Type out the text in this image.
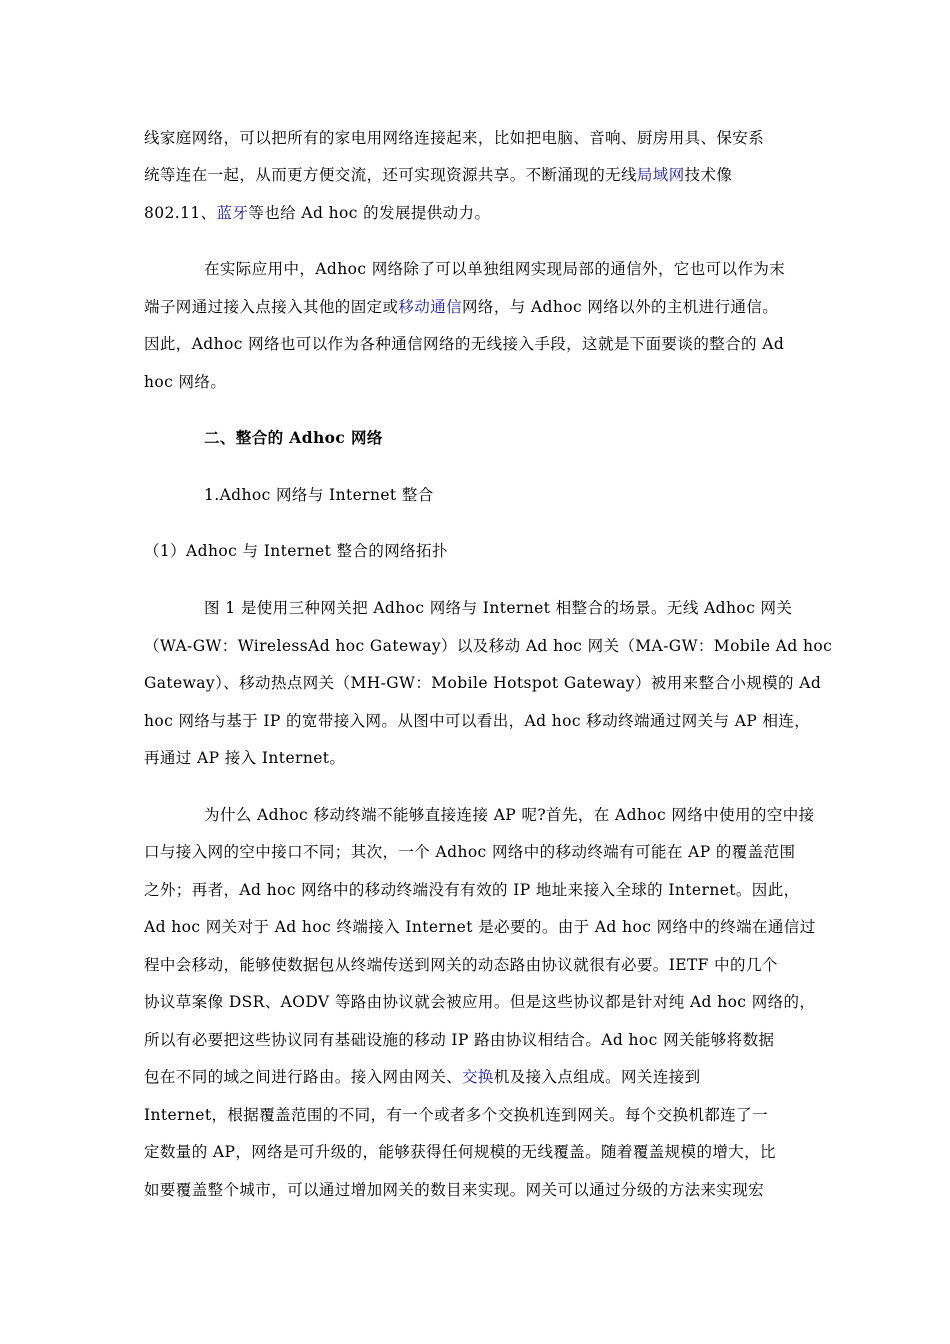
线家庭网络，可以把所有的家电用网络连接起来，比如把电脑、音响、厨房用具、保安系
统等连在一起，从而更方便交流，还可实现资源共享。不断涌现的无线局域网技术像
802.11、蓝牙等也给 Ad hoc 的发展提供动力。
在实际应用中，Adhoc 网络除了可以单独组网实现局部的通信外，它也可以作为末
端子网通过接入点接入其他的固定或移动通信网络，与 Adhoc 网络以外的主机进行通信。
因此，Adhoc 网络也可以作为各种通信网络的无线接入手段，这就是下面要谈的整合的 Ad
hoc 网络。
二、整合的 Adhoc 网络
1.Adhoc 网络与 Internet 整合
（1）Adhoc 与 Internet 整合的网络拓扑
图 1 是使用三种网关把 Adhoc 网络与 Internet 相整合的场景。无线 Adhoc 网关
（WA-GW：WirelessAd hoc Gateway）以及移动 Ad hoc 网关（MA-GW：Mobile Ad hoc
Gateway）、移动热点网关（MH-GW：Mobile Hotspot Gateway）被用来整合小规模的 Ad
hoc 网络与基于 IP 的宽带接入网。从图中可以看出，Ad hoc 移动终端通过网关与 AP 相连，
再通过 AP 接入 Internet。
为什么 Adhoc 移动终端不能够直接连接 AP 呢?首先，在 Adhoc 网络中使用的空中接
口与接入网的空中接口不同；其次，一个 Adhoc 网络中的移动终端有可能在 AP 的覆盖范围
之外；再者，Ad hoc 网络中的移动终端没有有效的 IP 地址来接入全球的 Internet。因此，
Ad hoc 网关对于 Ad hoc 终端接入 Internet 是必要的。由于 Ad hoc 网络中的终端在通信过
程中会移动，能够使数据包从终端传送到网关的动态路由协议就很有必要。IETF 中的几个
协议草案像 DSR、AODV 等路由协议就会被应用。但是这些协议都是针对纯 Ad hoc 网络的，
所以有必要把这些协议同有基础设施的移动 IP 路由协议相结合。Ad hoc 网关能够将数据
包在不同的域之间进行路由。接入网由网关、交换机及接入点组成。网关连接到
Internet，根据覆盖范围的不同，有一个或者多个交换机连到网关。每个交换机都连了一
定数量的 AP，网络是可升级的，能够获得任何规模的无线覆盖。随着覆盖规模的增大，比
如要覆盖整个城市，可以通过增加网关的数目来实现。网关可以通过分级的方法来实现宏
